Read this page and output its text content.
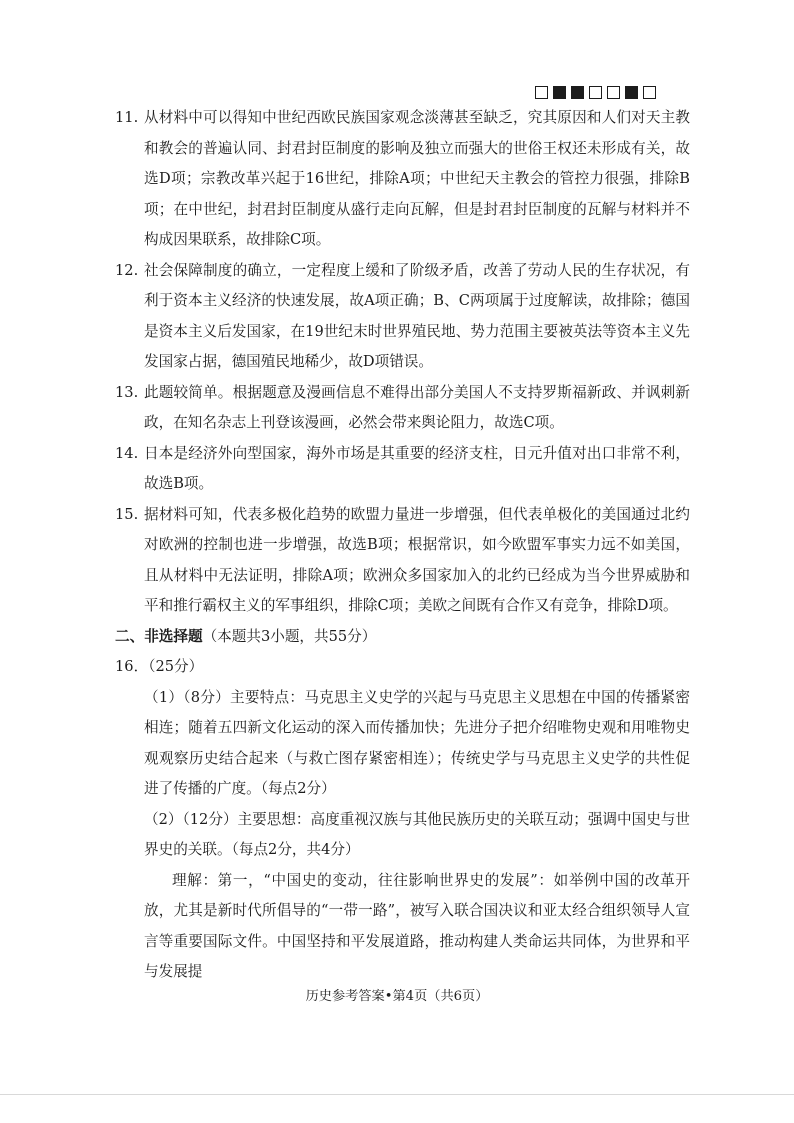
11. 从材料中可以得知中世纪西欧民族国家观念淡薄甚至缺乏，究其原因和人们对天主教和教会的普遍认同、封君封臣制度的影响及独立而强大的世俗王权还未形成有关，故选D项；宗教改革兴起于16世纪，排除A项；中世纪天主教会的管控力很强，排除B项；在中世纪，封君封臣制度从盛行走向瓦解，但是封君封臣制度的瓦解与材料并不构成因果联系，故排除C项。
12. 社会保障制度的确立，一定程度上缓和了阶级矛盾，改善了劳动人民的生存状况，有利于资本主义经济的快速发展，故A项正确；B、C两项属于过度解读，故排除；德国是资本主义后发国家，在19世纪末时世界殖民地、势力范围主要被英法等资本主义先发国家占据，德国殖民地稀少，故D项错误。
13. 此题较简单。根据题意及漫画信息不难得出部分美国人不支持罗斯福新政、并讽刺新政，在知名杂志上刊登该漫画，必然会带来舆论阻力，故选C项。
14. 日本是经济外向型国家，海外市场是其重要的经济支柱，日元升值对出口非常不利，故选B项。
15. 据材料可知，代表多极化趋势的欧盟力量进一步增强，但代表单极化的美国通过北约对欧洲的控制也进一步增强，故选B项；根据常识，如今欧盟军事实力远不如美国，且从材料中无法证明，排除A项；欧洲众多国家加入的北约已经成为当今世界威胁和平和推行霸权主义的军事组织，排除C项；美欧之间既有合作又有竞争，排除D项。

二、非选择题（本题共3小题，共55分）

16．（25分）

（1）（8分）主要特点：马克思主义史学的兴起与马克思主义思想在中国的传播紧密相连；随着五四新文化运动的深入而传播加快；先进分子把介绍唯物史观和用唯物史观观察历史结合起来（与救亡图存紧密相连）；传统史学与马克思主义史学的共性促进了传播的广度。（每点2分）

（2）（12分）主要思想：高度重视汉族与其他民族历史的关联互动；强调中国史与世界史的关联。（每点2分，共4分）

理解：第一，“中国史的变动，往往影响世界史的发展”：如举例中国的改革开放，尤其是新时代所倡导的“一带一路”，被写入联合国决议和亚太经合组织领导人宣言等重要国际文件。中国坚持和平发展道路，推动构建人类命运共同体，为世界和平与发展提

历史参考答案•第4页（共6页）
